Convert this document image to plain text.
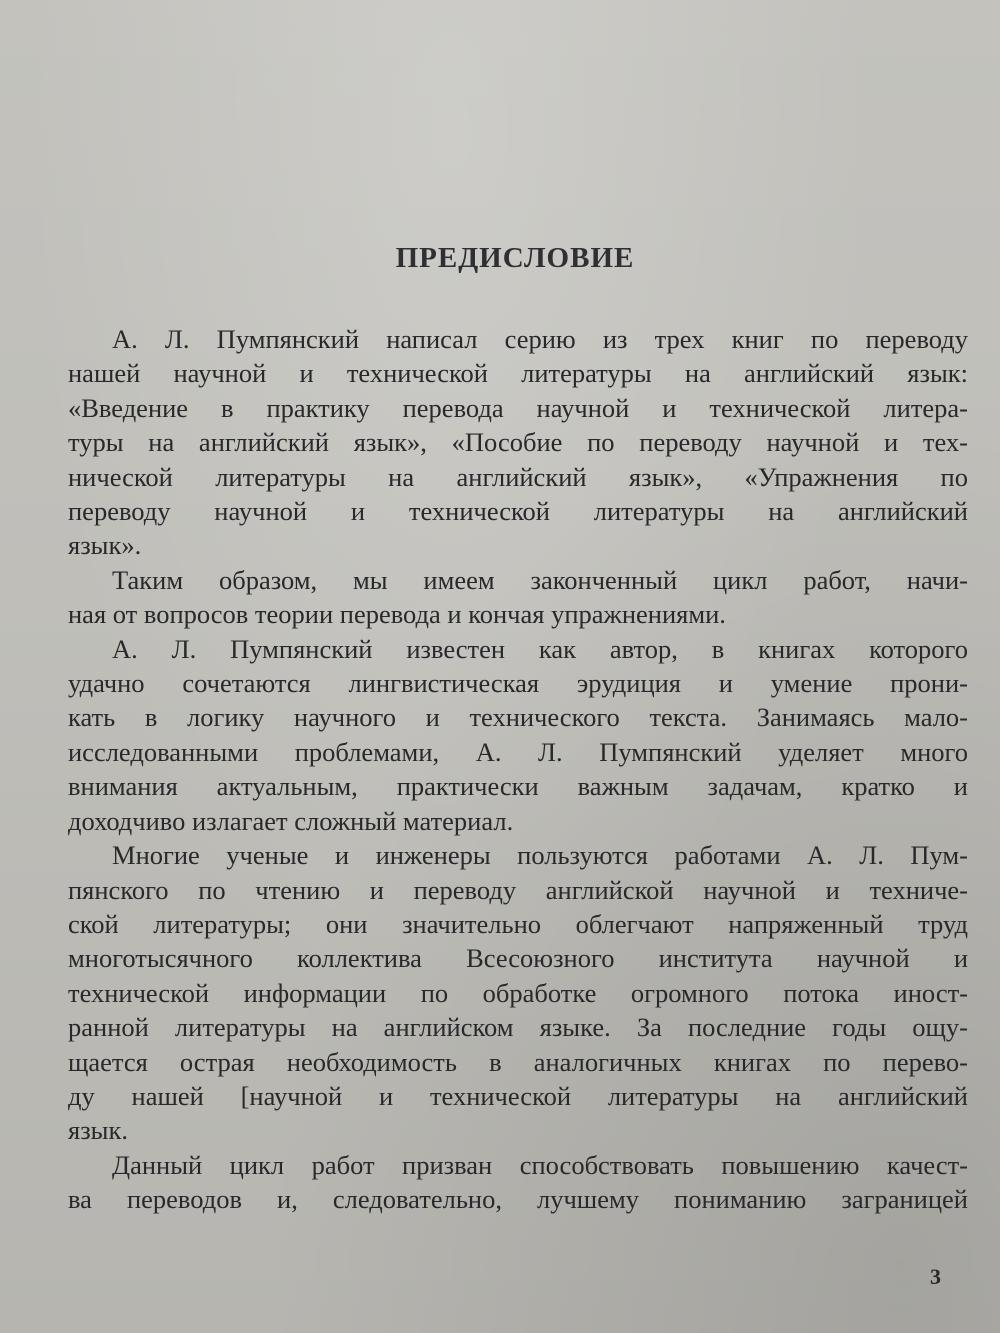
ПРЕДИСЛОВИЕ
А. Л. Пумпянский написал серию из трех книг по переводу
нашей научной и технической литературы на английский язык:
«Введение в практику перевода научной и технической литера-
туры на английский язык», «Пособие по переводу научной и тех-
нической литературы на английский язык», «Упражнения по
переводу научной и технической литературы на английский
язык».
Таким образом, мы имеем законченный цикл работ, начи-
ная от вопросов теории перевода и кончая упражнениями.
А. Л. Пумпянский известен как автор, в книгах которого
удачно сочетаются лингвистическая эрудиция и умение прони-
кать в логику научного и технического текста. Занимаясь мало-
исследованными проблемами, А. Л. Пумпянский уделяет много
внимания актуальным, практически важным задачам, кратко и
доходчиво излагает сложный материал.
Многие ученые и инженеры пользуются работами А. Л. Пум-
пянского по чтению и переводу английской научной и техниче-
ской литературы; они значительно облегчают напряженный труд
многотысячного коллектива Всесоюзного института научной и
технической информации по обработке огромного потока иност-
ранной литературы на английском языке. За последние годы ощу-
щается острая необходимость в аналогичных книгах по перево-
ду нашей [научной и технической литературы на английский
язык.
Данный цикл работ призван способствовать повышению качест-
ва переводов и, следовательно, лучшему пониманию заграницей
3
